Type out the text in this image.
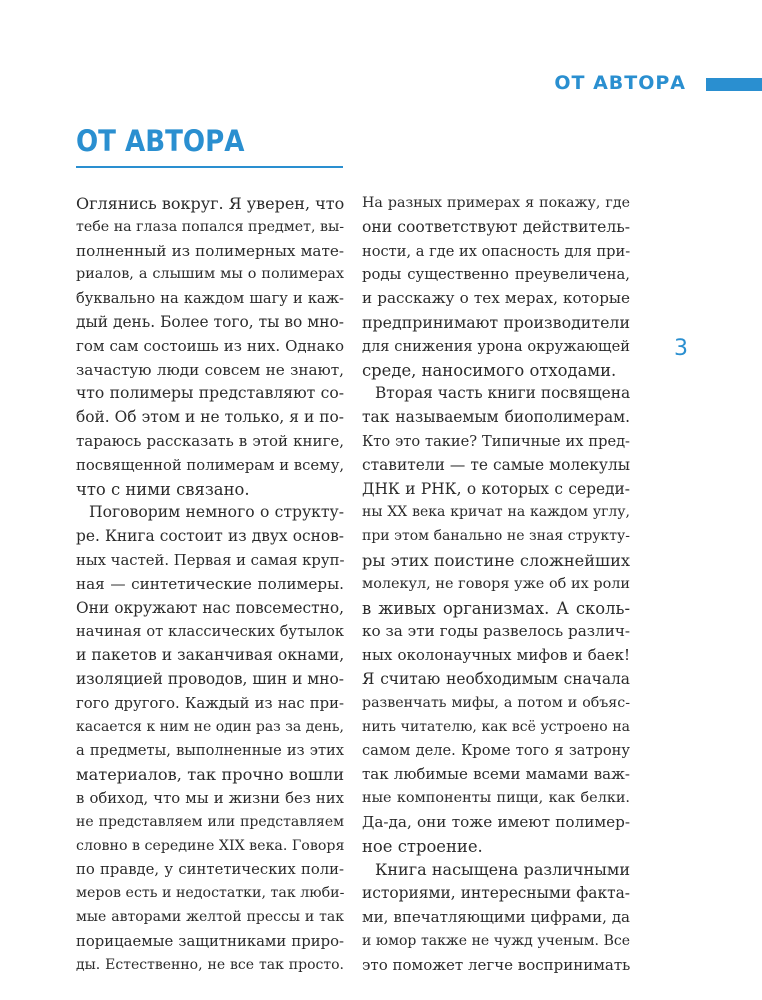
ОТ АВТОРА
ОТ АВТОРА

Оглянись вокруг. Я уверен, что
тебе на глаза попался предмет, вы-
полненный из полимерных мате-
риалов, а слышим мы о полимерах
буквально на каждом шагу и каж-
дый день. Более того, ты во мно-
гом сам состоишь из них. Однако
зачастую люди совсем не знают,
что полимеры представляют со-
бой. Об этом и не только, я и по-
тараюсь рассказать в этой книге,
посвященной полимерам и всему,
что с ними связано.

Поговорим немного о структу-
ре. Книга состоит из двух основ-
ных частей. Первая и самая круп-
ная — синтетические полимеры.
Они окружают нас повсеместно,
начиная от классических бутылок
и пакетов и заканчивая окнами,
изоляцией проводов, шин и мно-
гого другого. Каждый из нас при-
касается к ним не один раз за день,
а предметы, выполненные из этих
материалов, так прочно вошли
в обиход, что мы и жизни без них
не представляем или представляем
словно в середине XIX века. Говоря
по правде, у синтетических поли-
меров есть и недостатки, так люби-
мые авторами желтой прессы и так
порицаемые защитниками приро-
ды. Естественно, не все так просто.

На разных примерах я покажу, где
они соответствуют действитель-
ности, а где их опасность для при-
роды существенно преувеличена,
и расскажу о тех мерах, которые
предпринимают производители
для снижения урона окружающей
среде, наносимого отходами.

Вторая часть книги посвящена
так называемым биополимерам.
Кто это такие? Типичные их пред-
ставители — те самые молекулы
ДНК и РНК, о которых с середи-
ны XX века кричат на каждом углу,
при этом банально не зная структу-
ры этих поистине сложнейших
молекул, не говоря уже об их роли
в живых организмах. А сколь-
ко за эти годы развелось различ-
ных околонаучных мифов и баек!
Я считаю необходимым сначала
развенчать мифы, а потом и объяс-
нить читателю, как всё устроено на
самом деле. Кроме того я затрону
так любимые всеми мамами важ-
ные компоненты пищи, как белки.
Да-да, они тоже имеют полимер-
ное строение.

Книга насыщена различными
историями, интересными факта-
ми, впечатляющими цифрами, да
и юмор также не чужд ученым. Все
это поможет легче воспринимать

3
